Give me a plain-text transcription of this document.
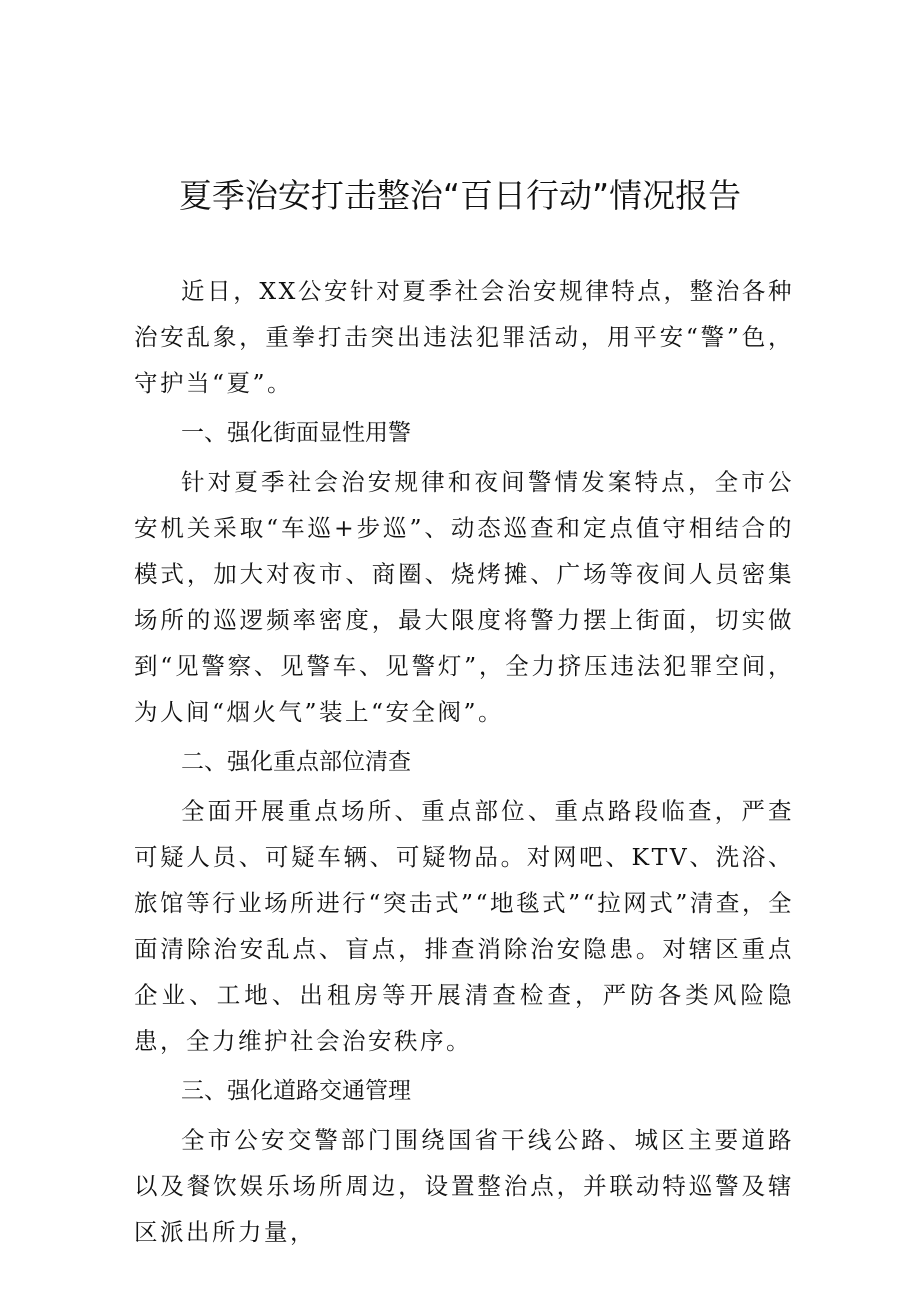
夏季治安打击整治“百日行动”情况报告

近日，XX公安针对夏季社会治安规律特点，整治各种治安乱象，重拳打击突出违法犯罪活动，用平安“警”色，守护当“夏”。

一、强化街面显性用警

针对夏季社会治安规律和夜间警情发案特点，全市公安机关采取“车巡+步巡”、动态巡查和定点值守相结合的模式，加大对夜市、商圈、烧烤摊、广场等夜间人员密集场所的巡逻频率密度，最大限度将警力摆上街面，切实做到“见警察、见警车、见警灯”，全力挤压违法犯罪空间，为人间“烟火气”装上“安全阀”。

二、强化重点部位清查

全面开展重点场所、重点部位、重点路段临查，严查可疑人员、可疑车辆、可疑物品。对网吧、KTV、洗浴、旅馆等行业场所进行“突击式”“地毯式”“拉网式”清查，全面清除治安乱点、盲点，排查消除治安隐患。对辖区重点企业、工地、出租房等开展清查检查，严防各类风险隐患，全力维护社会治安秩序。

三、强化道路交通管理

全市公安交警部门围绕国省干线公路、城区主要道路以及餐饮娱乐场所周边，设置整治点，并联动特巡警及辖区派出所力量，
